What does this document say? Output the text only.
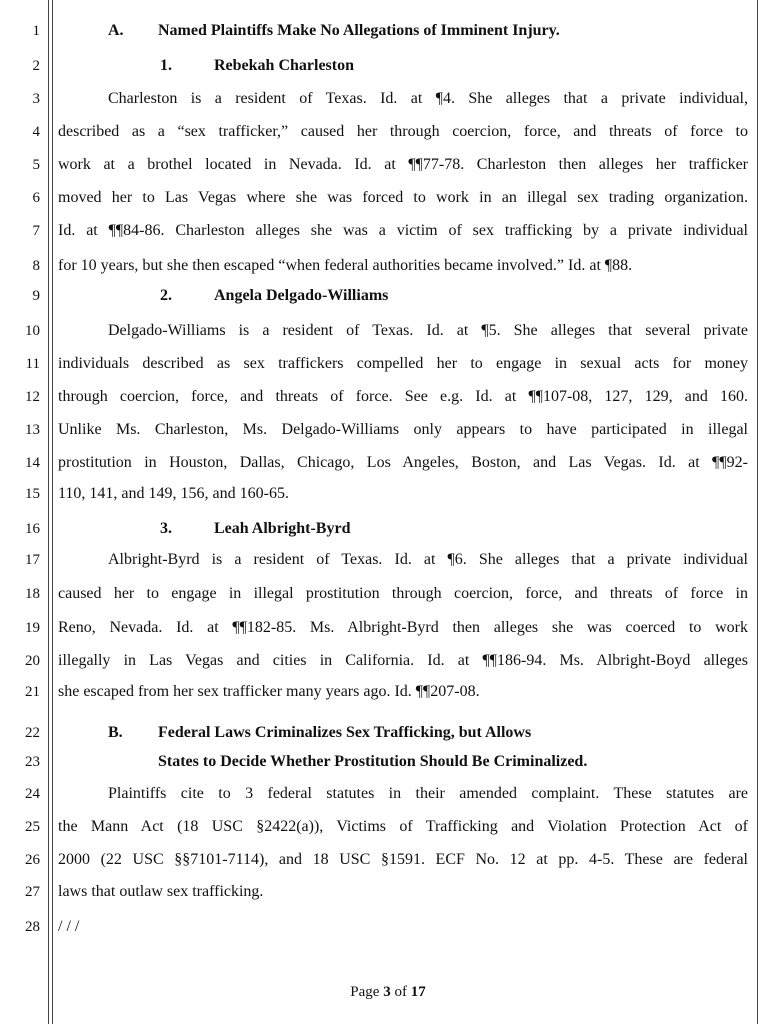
1	A. Named Plaintiffs Make No Allegations of Imminent Injury.
2	1.	Rebekah Charleston
3	Charleston is a resident of Texas. Id. at ¶4. She alleges that a private individual,
4 described as a “sex trafficker,” caused her through coercion, force, and threats of force to
5 work at a brothel located in Nevada. Id. at ¶¶77-78. Charleston then alleges her trafficker
6 moved her to Las Vegas where she was forced to work in an illegal sex trading organization.
7 Id. at ¶¶84-86. Charleston alleges she was a victim of sex trafficking by a private individual
8 for 10 years, but she then escaped “when federal authorities became involved.” Id. at ¶88.
9	2.	Angela Delgado-Williams
10	Delgado-Williams is a resident of Texas. Id. at ¶5. She alleges that several private
11 individuals described as sex traffickers compelled her to engage in sexual acts for money
12 through coercion, force, and threats of force. See e.g. Id. at ¶¶107-08, 127, 129, and 160.
13 Unlike Ms. Charleston, Ms. Delgado-Williams only appears to have participated in illegal
14 prostitution in Houston, Dallas, Chicago, Los Angeles, Boston, and Las Vegas. Id. at ¶¶92-
15 110, 141, and 149, 156, and 160-65.
16	3.	Leah Albright-Byrd
17	Albright-Byrd is a resident of Texas. Id. at ¶6. She alleges that a private individual
18 caused her to engage in illegal prostitution through coercion, force, and threats of force in
19 Reno, Nevada. Id. at ¶¶182-85. Ms. Albright-Byrd then alleges she was coerced to work
20 illegally in Las Vegas and cities in California. Id. at ¶¶186-94. Ms. Albright-Boyd alleges
21 she escaped from her sex trafficker many years ago. Id. ¶¶207-08.
22	B. Federal Laws Criminalizes Sex Trafficking, but Allows
23	States to Decide Whether Prostitution Should Be Criminalized.
24	Plaintiffs cite to 3 federal statutes in their amended complaint. These statutes are
25 the Mann Act (18 USC §2422(a)), Victims of Trafficking and Violation Protection Act of
26 2000 (22 USC §§7101-7114), and 18 USC §1591. ECF No. 12 at pp. 4-5. These are federal
27 laws that outlaw sex trafficking.
28 / / /
Page 3 of 17
